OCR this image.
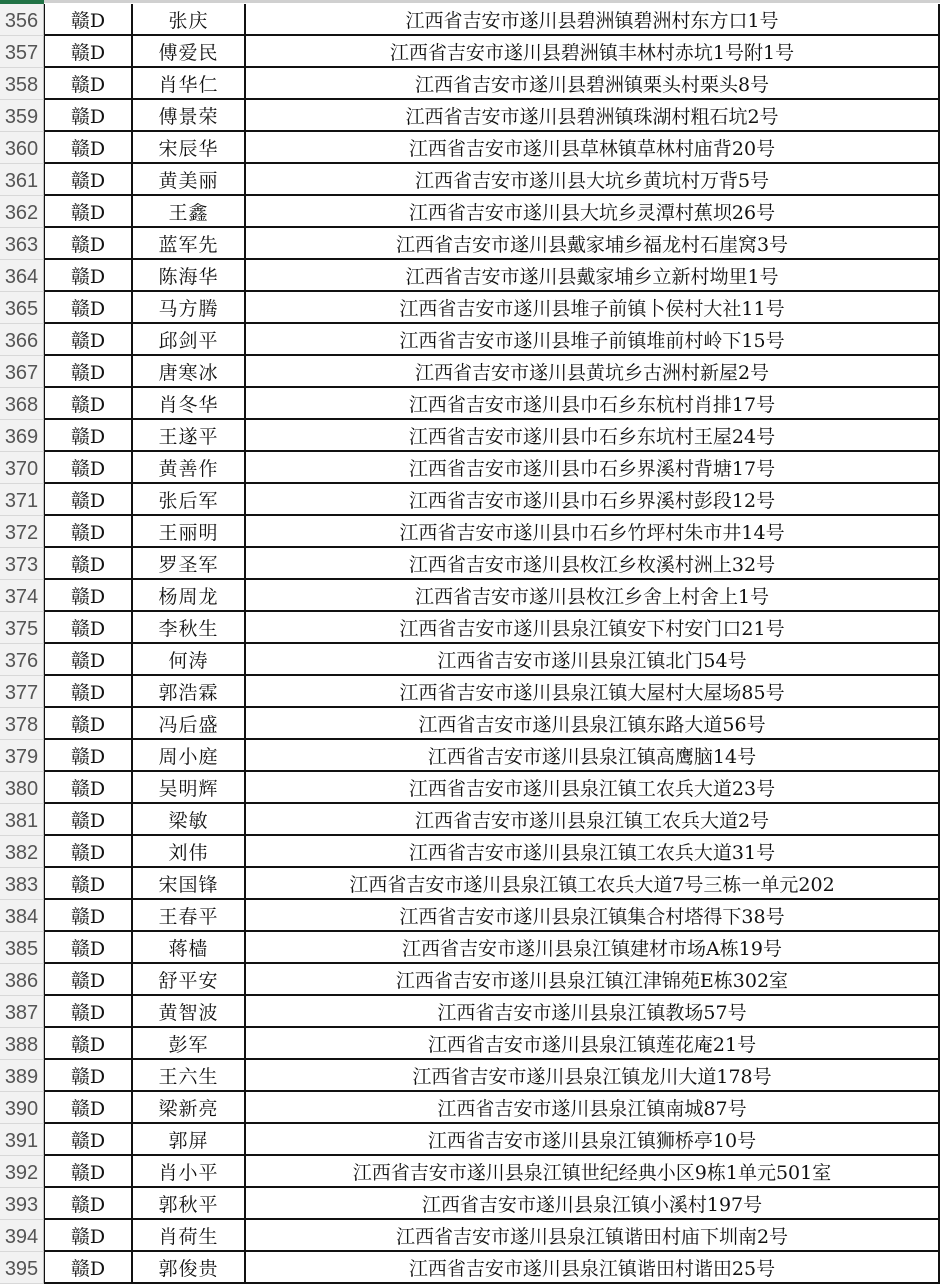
356	赣D	张庆	江西省吉安市遂川县碧洲镇碧洲村东方口1号
357	赣D	傅爱民	江西省吉安市遂川县碧洲镇丰林村赤坑1号附1号
358	赣D	肖华仁	江西省吉安市遂川县碧洲镇栗头村栗头8号
359	赣D	傅景荣	江西省吉安市遂川县碧洲镇珠湖村粗石坑2号
360	赣D	宋辰华	江西省吉安市遂川县草林镇草林村庙背20号
361	赣D	黄美丽	江西省吉安市遂川县大坑乡黄坑村万背5号
362	赣D	王鑫	江西省吉安市遂川县大坑乡灵潭村蕉坝26号
363	赣D	蓝军先	江西省吉安市遂川县戴家埔乡福龙村石崖窝3号
364	赣D	陈海华	江西省吉安市遂川县戴家埔乡立新村坳里1号
365	赣D	马方腾	江西省吉安市遂川县堆子前镇卜侯村大社11号
366	赣D	邱剑平	江西省吉安市遂川县堆子前镇堆前村岭下15号
367	赣D	唐寒冰	江西省吉安市遂川县黄坑乡古洲村新屋2号
368	赣D	肖冬华	江西省吉安市遂川县巾石乡东杭村肖排17号
369	赣D	王遂平	江西省吉安市遂川县巾石乡东坑村王屋24号
370	赣D	黄善作	江西省吉安市遂川县巾石乡界溪村背塘17号
371	赣D	张后军	江西省吉安市遂川县巾石乡界溪村彭段12号
372	赣D	王丽明	江西省吉安市遂川县巾石乡竹坪村朱市井14号
373	赣D	罗圣军	江西省吉安市遂川县枚江乡枚溪村洲上32号
374	赣D	杨周龙	江西省吉安市遂川县枚江乡舍上村舍上1号
375	赣D	李秋生	江西省吉安市遂川县泉江镇安下村安门口21号
376	赣D	何涛	江西省吉安市遂川县泉江镇北门54号
377	赣D	郭浩霖	江西省吉安市遂川县泉江镇大屋村大屋场85号
378	赣D	冯后盛	江西省吉安市遂川县泉江镇东路大道56号
379	赣D	周小庭	江西省吉安市遂川县泉江镇高鹰脑14号
380	赣D	吴明辉	江西省吉安市遂川县泉江镇工农兵大道23号
381	赣D	梁敏	江西省吉安市遂川县泉江镇工农兵大道2号
382	赣D	刘伟	江西省吉安市遂川县泉江镇工农兵大道31号
383	赣D	宋国锋	江西省吉安市遂川县泉江镇工农兵大道7号三栋一单元202
384	赣D	王春平	江西省吉安市遂川县泉江镇集合村塔得下38号
385	赣D	蒋樯	江西省吉安市遂川县泉江镇建材市场A栋19号
386	赣D	舒平安	江西省吉安市遂川县泉江镇江津锦苑E栋302室
387	赣D	黄智波	江西省吉安市遂川县泉江镇教场57号
388	赣D	彭军	江西省吉安市遂川县泉江镇莲花庵21号
389	赣D	王六生	江西省吉安市遂川县泉江镇龙川大道178号
390	赣D	梁新亮	江西省吉安市遂川县泉江镇南城87号
391	赣D	郭屏	江西省吉安市遂川县泉江镇狮桥亭10号
392	赣D	肖小平	江西省吉安市遂川县泉江镇世纪经典小区9栋1单元501室
393	赣D	郭秋平	江西省吉安市遂川县泉江镇小溪村197号
394	赣D	肖荷生	江西省吉安市遂川县泉江镇谐田村庙下圳南2号
395	赣D	郭俊贵	江西省吉安市遂川县泉江镇谐田村谐田25号
